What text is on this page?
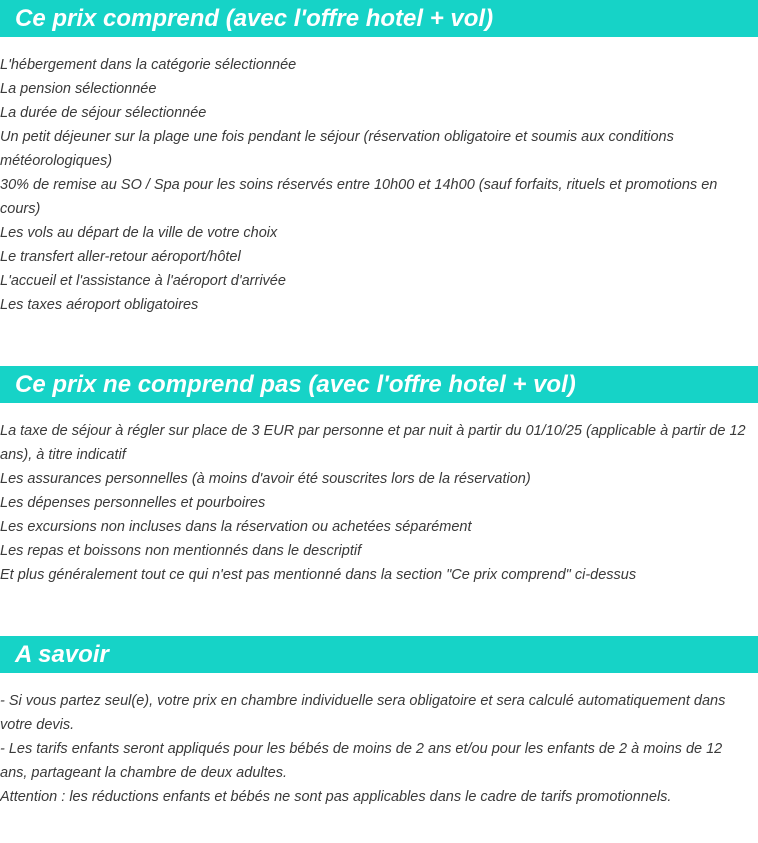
Ce prix comprend (avec l'offre hotel + vol)
L'hébergement dans la catégorie sélectionnée
La pension sélectionnée
La durée de séjour sélectionnée
Un petit déjeuner sur la plage une fois pendant le séjour (réservation obligatoire et soumis aux conditions météorologiques)
30% de remise au SO / Spa pour les soins réservés entre 10h00 et 14h00 (sauf forfaits, rituels et promotions en cours)
Les vols au départ de la ville de votre choix
Le transfert aller-retour aéroport/hôtel
L'accueil et l'assistance à l'aéroport d'arrivée
Les taxes aéroport obligatoires
Ce prix ne comprend pas (avec l'offre hotel + vol)
La taxe de séjour à régler sur place de 3 EUR par personne et par nuit à partir du 01/10/25 (applicable à partir de 12 ans), à titre indicatif
Les assurances personnelles (à moins d'avoir été souscrites lors de la réservation)
Les dépenses personnelles et pourboires
Les excursions non incluses dans la réservation ou achetées séparément
Les repas et boissons non mentionnés dans le descriptif
Et plus généralement tout ce qui n'est pas mentionné dans la section "Ce prix comprend" ci-dessus
A savoir
- Si vous partez seul(e), votre prix en chambre individuelle sera obligatoire et sera calculé automatiquement dans votre devis.
- Les tarifs enfants seront appliqués pour les bébés de moins de 2 ans et/ou pour les enfants de 2 à moins de 12 ans, partageant la chambre de deux adultes.
Attention : les réductions enfants et bébés ne sont pas applicables dans le cadre de tarifs promotionnels.
